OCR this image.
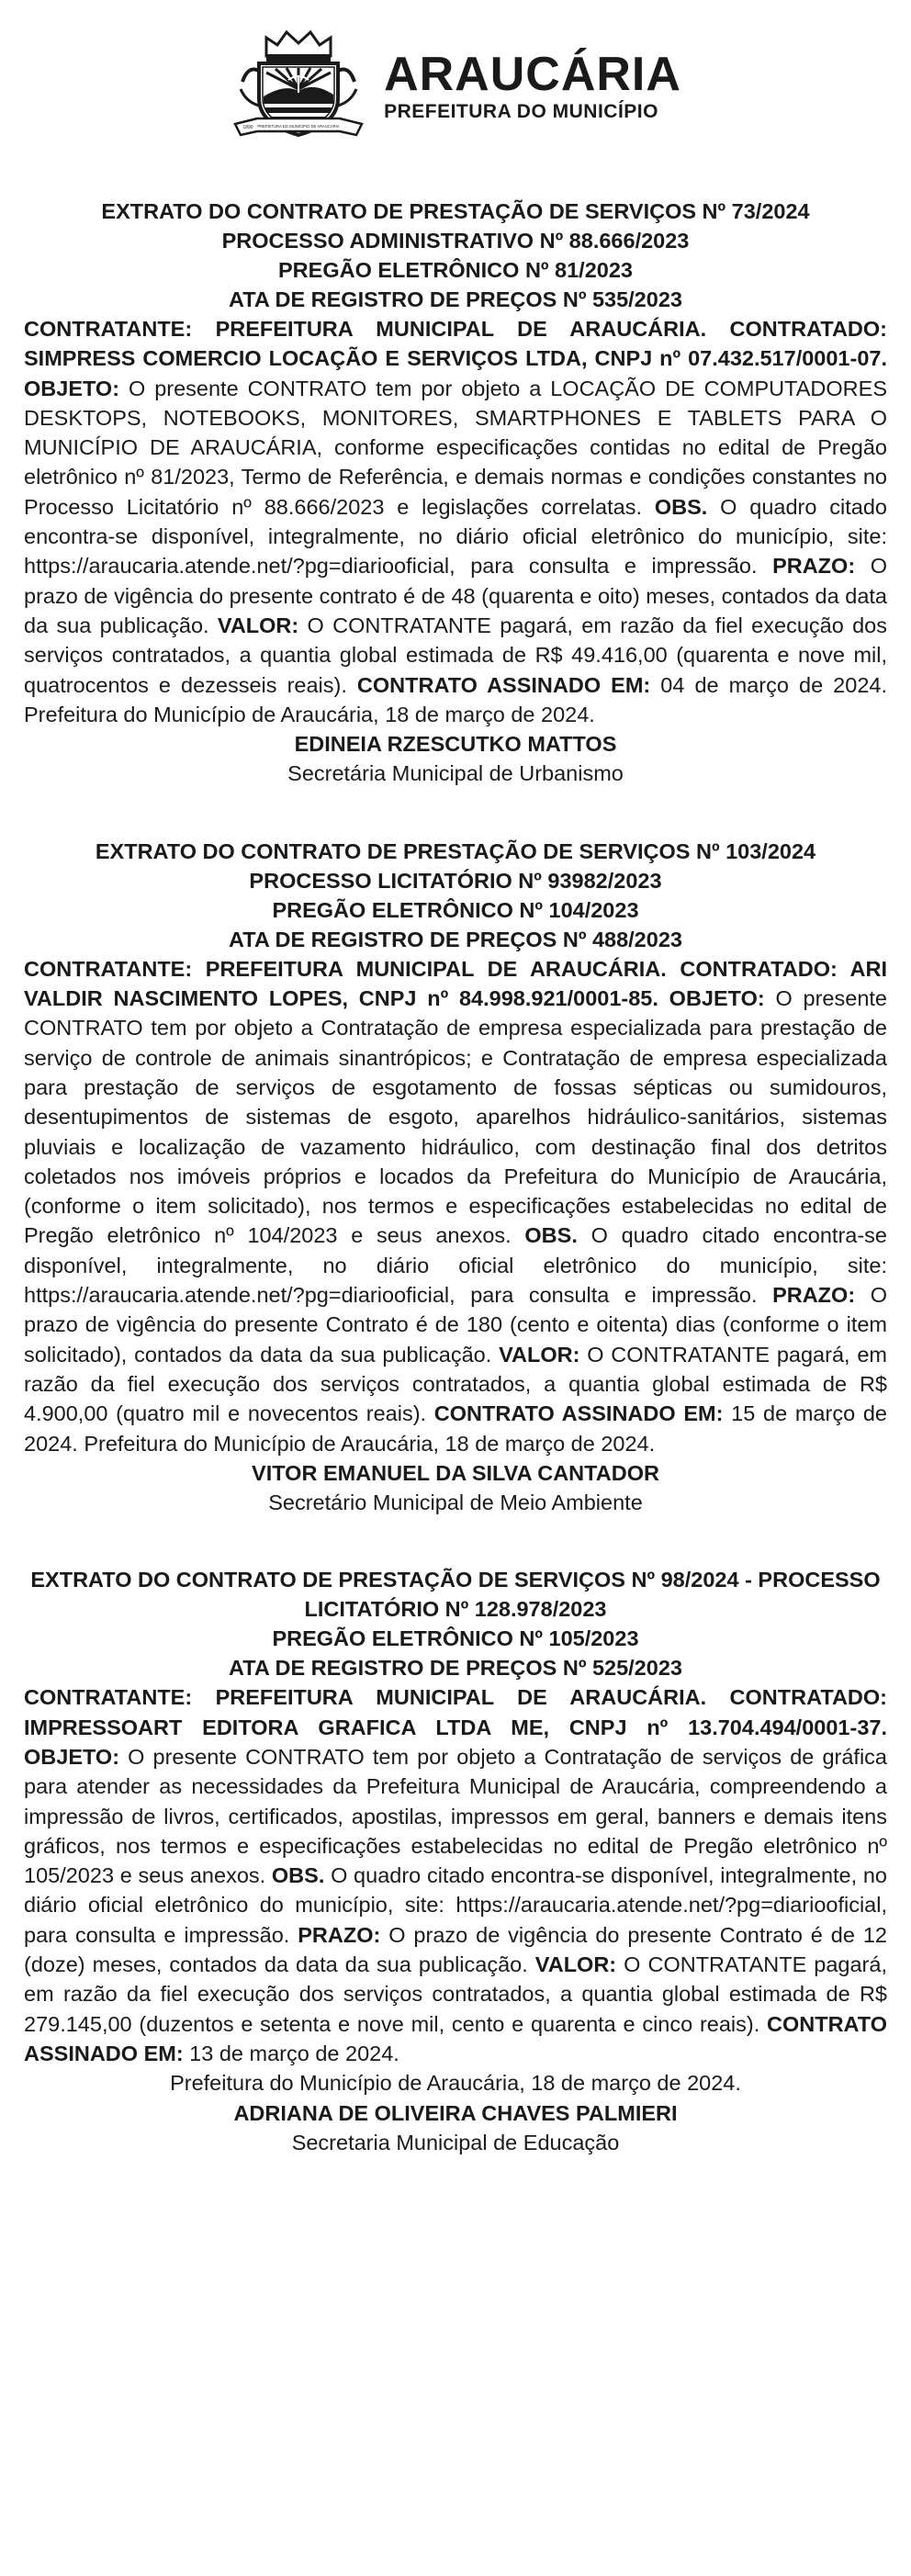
PREFEITURA DO MUNICÍPIO DE ARAUCÁRIA
1890
ARAUCÁRIA
PREFEITURA DO MUNICÍPIO

EXTRATO DO CONTRATO DE PRESTAÇÃO DE SERVIÇOS Nº 73/2024

PROCESSO ADMINISTRATIVO Nº 88.666/2023

PREGÃO ELETRÔNICO Nº 81/2023

ATA DE REGISTRO DE PREÇOS Nº 535/2023

CONTRATANTE: PREFEITURA MUNICIPAL DE ARAUCÁRIA. CONTRATADO: SIMPRESS COMERCIO LOCAÇÃO E SERVIÇOS LTDA, CNPJ nº 07.432.517/0001-07. OBJETO: O presente CONTRATO tem por objeto a LOCAÇÃO DE COMPUTADORES DESKTOPS, NOTEBOOKS, MONITORES, SMARTPHONES E TABLETS PARA O MUNICÍPIO DE ARAUCÁRIA, conforme especificações contidas no edital de Pregão eletrônico nº 81/2023, Termo de Referência, e demais normas e condições constantes no Processo Licitatório nº 88.666/2023 e legislações correlatas. OBS. O quadro citado encontra-se disponível, integralmente, no diário oficial eletrônico do município, site: https://araucaria.atende.net/?pg=diariooficial, para consulta e impressão. PRAZO: O prazo de vigência do presente contrato é de 48 (quarenta e oito) meses, contados da data da sua publicação. VALOR: O CONTRATANTE pagará, em razão da fiel execução dos serviços contratados, a quantia global estimada de R$ 49.416,00 (quarenta e nove mil, quatrocentos e dezesseis reais). CONTRATO ASSINADO EM: 04 de março de 2024. Prefeitura do Município de Araucária, 18 de março de 2024.

EDINEIA RZESCUTKO MATTOS

Secretária Municipal de Urbanismo

EXTRATO DO CONTRATO DE PRESTAÇÃO DE SERVIÇOS Nº 103/2024

PROCESSO LICITATÓRIO Nº 93982/2023

PREGÃO ELETRÔNICO Nº 104/2023

ATA DE REGISTRO DE PREÇOS Nº 488/2023

CONTRATANTE: PREFEITURA MUNICIPAL DE ARAUCÁRIA. CONTRATADO: ARI VALDIR NASCIMENTO LOPES, CNPJ nº 84.998.921/0001-85. OBJETO: O presente CONTRATO tem por objeto a Contratação de empresa especializada para prestação de serviço de controle de animais sinantrópicos; e Contratação de empresa especializada para prestação de serviços de esgotamento de fossas sépticas ou sumidouros, desentupimentos de sistemas de esgoto, aparelhos hidráulico-sanitários, sistemas pluviais e localização de vazamento hidráulico, com destinação final dos detritos coletados nos imóveis próprios e locados da Prefeitura do Município de Araucária, (conforme o item solicitado), nos termos e especificações estabelecidas no edital de Pregão eletrônico nº 104/2023 e seus anexos. OBS. O quadro citado encontra-se disponível, integralmente, no diário oficial eletrônico do município, site: https://araucaria.atende.net/?pg=diariooficial, para consulta e impressão. PRAZO: O prazo de vigência do presente Contrato é de 180 (cento e oitenta) dias (conforme o item solicitado), contados da data da sua publicação. VALOR: O CONTRATANTE pagará, em razão da fiel execução dos serviços contratados, a quantia global estimada de R$ 4.900,00 (quatro mil e novecentos reais). CONTRATO ASSINADO EM: 15 de março de 2024. Prefeitura do Município de Araucária, 18 de março de 2024.

VITOR EMANUEL DA SILVA CANTADOR

Secretário Municipal de Meio Ambiente

EXTRATO DO CONTRATO DE PRESTAÇÃO DE SERVIÇOS Nº 98/2024 - PROCESSO LICITATÓRIO Nº 128.978/2023

PREGÃO ELETRÔNICO Nº 105/2023

ATA DE REGISTRO DE PREÇOS Nº 525/2023

CONTRATANTE: PREFEITURA MUNICIPAL DE ARAUCÁRIA. CONTRATADO: IMPRESSOART EDITORA GRAFICA LTDA ME, CNPJ nº 13.704.494/0001-37. OBJETO: O presente CONTRATO tem por objeto a Contratação de serviços de gráfica para atender as necessidades da Prefeitura Municipal de Araucária, compreendendo a impressão de livros, certificados, apostilas, impressos em geral, banners e demais itens gráficos, nos termos e especificações estabelecidas no edital de Pregão eletrônico nº 105/2023 e seus anexos. OBS. O quadro citado encontra-se disponível, integralmente, no diário oficial eletrônico do município, site: https://araucaria.atende.net/?pg=diariooficial, para consulta e impressão. PRAZO: O prazo de vigência do presente Contrato é de 12 (doze) meses, contados da data da sua publicação. VALOR: O CONTRATANTE pagará, em razão da fiel execução dos serviços contratados, a quantia global estimada de R$ 279.145,00 (duzentos e setenta e nove mil, cento e quarenta e cinco reais). CONTRATO ASSINADO EM: 13 de março de 2024.

Prefeitura do Município de Araucária, 18 de março de 2024.

ADRIANA DE OLIVEIRA CHAVES PALMIERI

Secretaria Municipal de Educação
